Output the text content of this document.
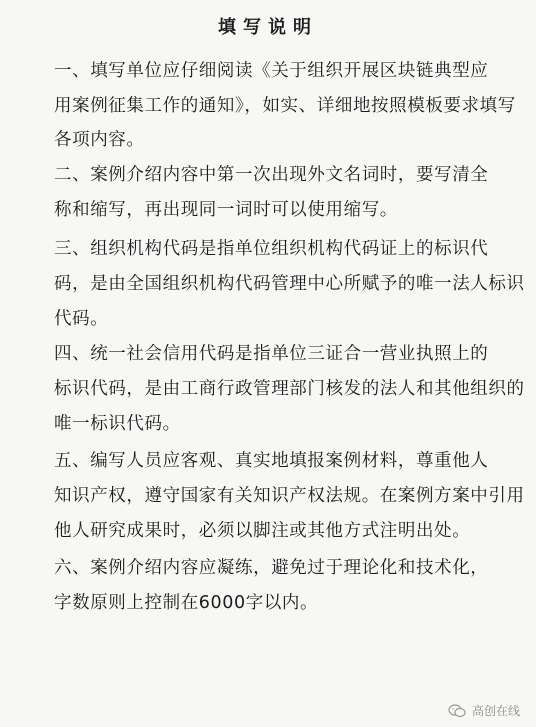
填写说明
一、填写单位应仔细阅读《关于组织开展区块链典型应
用案例征集工作的通知》，如实、详细地按照模板要求填写
各项内容。
二、案例介绍内容中第一次出现外文名词时，要写清全
称和缩写，再出现同一词时可以使用缩写。
三、组织机构代码是指单位组织机构代码证上的标识代
码，是由全国组织机构代码管理中心所赋予的唯一法人标识
代码。
四、统一社会信用代码是指单位三证合一营业执照上的
标识代码，是由工商行政管理部门核发的法人和其他组织的
唯一标识代码。
五、编写人员应客观、真实地填报案例材料，尊重他人
知识产权，遵守国家有关知识产权法规。在案例方案中引用
他人研究成果时，必须以脚注或其他方式注明出处。
六、案例介绍内容应凝练，避免过于理论化和技术化，
字数原则上控制在6000字以内。
高创在线
